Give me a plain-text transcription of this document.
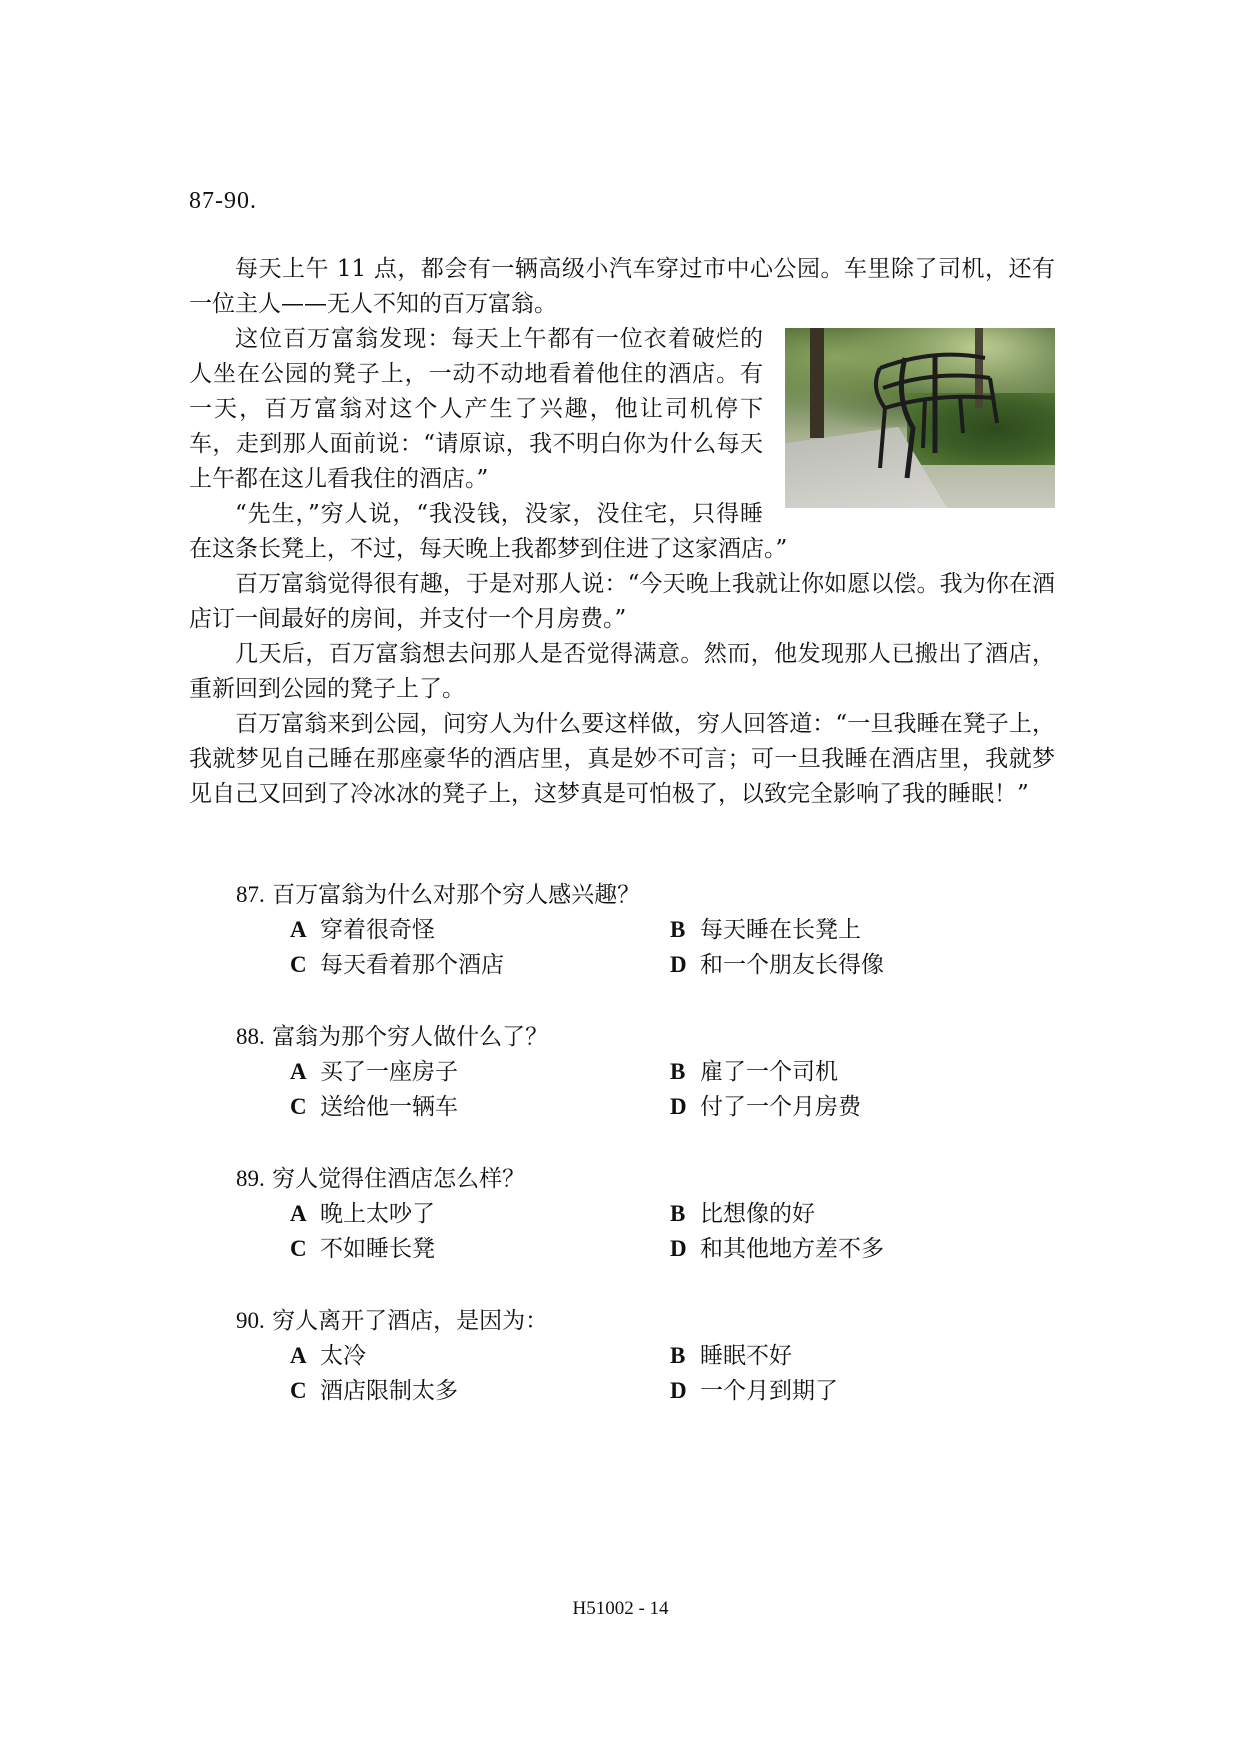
87-90.

每天上午 11 点，都会有一辆高级小汽车穿过市中心公园。车里除了司机，还有一位主人——无人不知的百万富翁。

这位百万富翁发现：每天上午都有一位衣着破烂的人坐在公园的凳子上，一动不动地看着他住的酒店。有一天，百万富翁对这个人产生了兴趣，他让司机停下车，走到那人面前说：“请原谅，我不明白你为什么每天上午都在这儿看我住的酒店。”

“先生，”穷人说，“我没钱，没家，没住宅，只得睡在这条长凳上，不过，每天晚上我都梦到住进了这家酒店。”

百万富翁觉得很有趣，于是对那人说：“今天晚上我就让你如愿以偿。我为你在酒店订一间最好的房间，并支付一个月房费。”

几天后，百万富翁想去问那人是否觉得满意。然而，他发现那人已搬出了酒店，重新回到公园的凳子上了。

百万富翁来到公园，问穷人为什么要这样做，穷人回答道：“一旦我睡在凳子上，我就梦见自己睡在那座豪华的酒店里，真是妙不可言；可一旦我睡在酒店里，我就梦见自己又回到了冷冰冰的凳子上，这梦真是可怕极了，以致完全影响了我的睡眠！”

87. 百万富翁为什么对那个穷人感兴趣？
A 穿着很奇怪	B 每天睡在长凳上
C 每天看着那个酒店	D 和一个朋友长得像
88. 富翁为那个穷人做什么了？
A 买了一座房子	B 雇了一个司机
C 送给他一辆车	D 付了一个月房费
89. 穷人觉得住酒店怎么样？
A 晚上太吵了	B 比想像的好
C 不如睡长凳	D 和其他地方差不多
90. 穷人离开了酒店，是因为：
A 太冷	B 睡眠不好
C 酒店限制太多	D 一个月到期了
H51002 - 14
